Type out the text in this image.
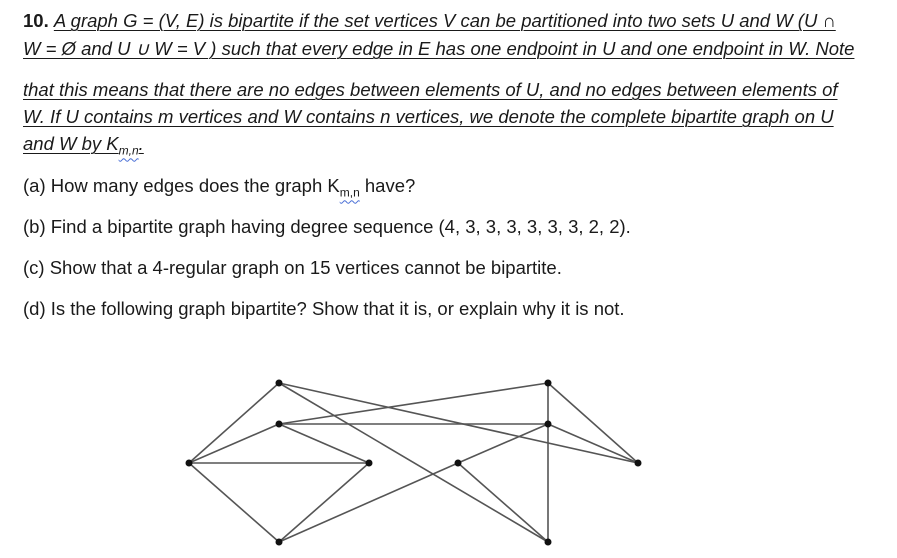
10. A graph G = (V, E) is bipartite if the set vertices V can be partitioned into two sets U and W (U ∩
W = Ø and U ∪ W = V ) such that every edge in E has one endpoint in U and one endpoint in W. Note
that this means that there are no edges between elements of U, and no edges between elements of
W. If U contains m vertices and W contains n vertices, we denote the complete bipartite graph on U
and W by $K_{m,n}$.
(a) How many edges does the graph $K_{m,n}$ have?
(b) Find a bipartite graph having degree sequence (4, 3, 3, 3, 3, 3, 3, 2, 2).
(c) Show that a 4-regular graph on 15 vertices cannot be bipartite.
(d) Is the following graph bipartite? Show that it is, or explain why it is not.
